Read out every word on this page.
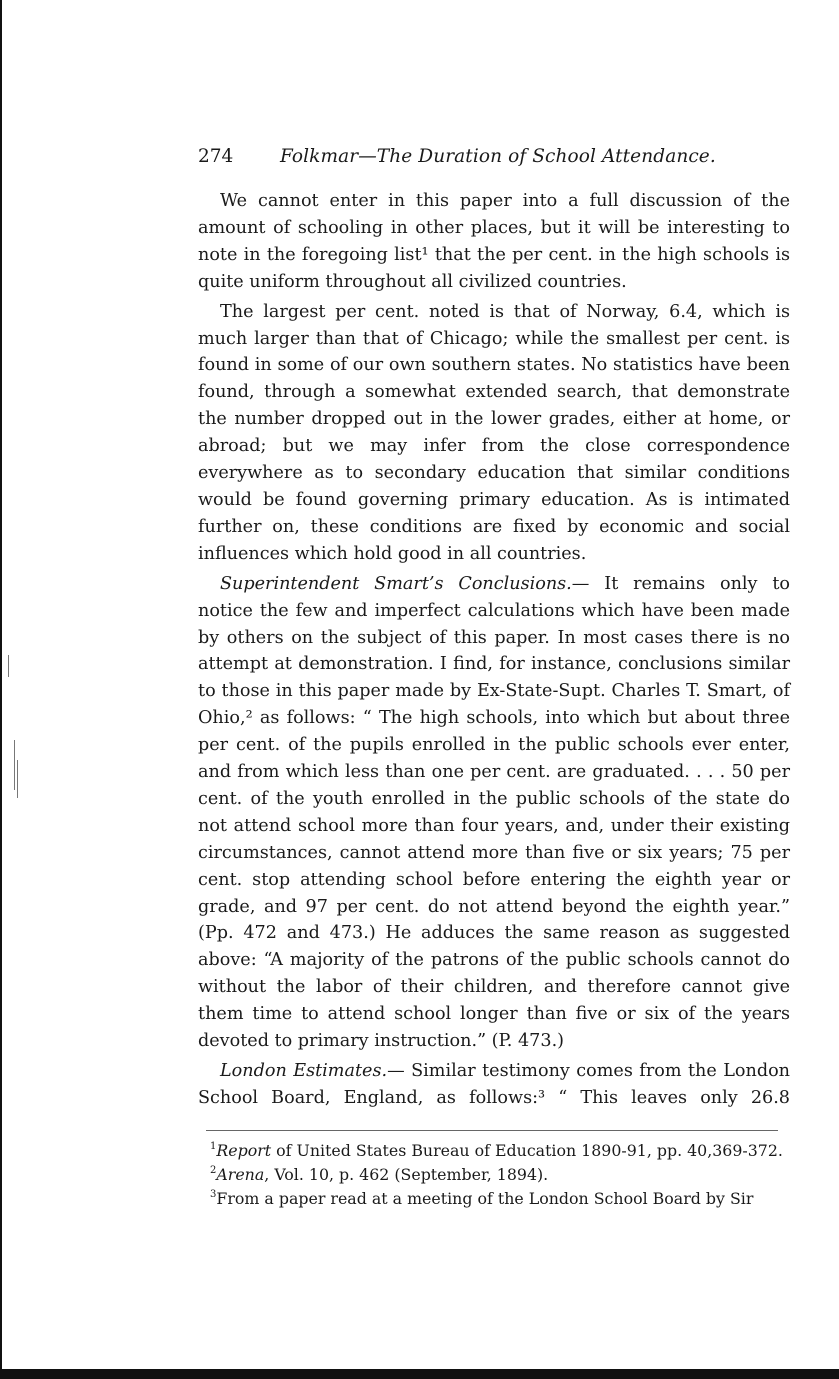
274	Folkmar—The Duration of School Attendance.

We cannot enter in this paper into a full discussion of the amount of schooling in other places, but it will be interesting to note in the foregoing list¹ that the per cent. in the high schools is quite uniform throughout all civilized countries.

The largest per cent. noted is that of Norway, 6.4, which is much larger than that of Chicago; while the smallest per cent. is found in some of our own southern states. No statistics have been found, through a somewhat extended search, that demonstrate the number dropped out in the lower grades, either at home, or abroad; but we may infer from the close correspondence everywhere as to secondary education that similar conditions would be found governing primary education. As is intimated further on, these conditions are fixed by economic and social influences which hold good in all countries.

Superintendent Smart’s Conclusions.— It remains only to notice the few and imperfect calculations which have been made by others on the subject of this paper. In most cases there is no attempt at demonstration. I find, for instance, conclusions similar to those in this paper made by Ex-State-Supt. Charles T. Smart, of Ohio,² as follows: “ The high schools, into which but about three per cent. of the pupils enrolled in the public schools ever enter, and from which less than one per cent. are graduated. . . . 50 per cent. of the youth enrolled in the public schools of the state do not attend school more than four years, and, under their existing circumstances, cannot attend more than five or six years; 75 per cent. stop attending school before entering the eighth year or grade, and 97 per cent. do not attend beyond the eighth year.” (Pp. 472 and 473.) He adduces the same reason as suggested above: “A majority of the patrons of the public schools cannot do without the labor of their children, and therefore cannot give them time to attend school longer than five or six of the years devoted to primary instruction.” (P. 473.)

London Estimates.— Similar testimony comes from the London School Board, England, as follows:³ “ This leaves only 26.8

$^1$Report of United States Bureau of Education 1890-91, pp. 40,369-372.

$^2$Arena, Vol. 10, p. 462 (September, 1894).

$^3$From a paper read at a meeting of the London School Board by Sir
